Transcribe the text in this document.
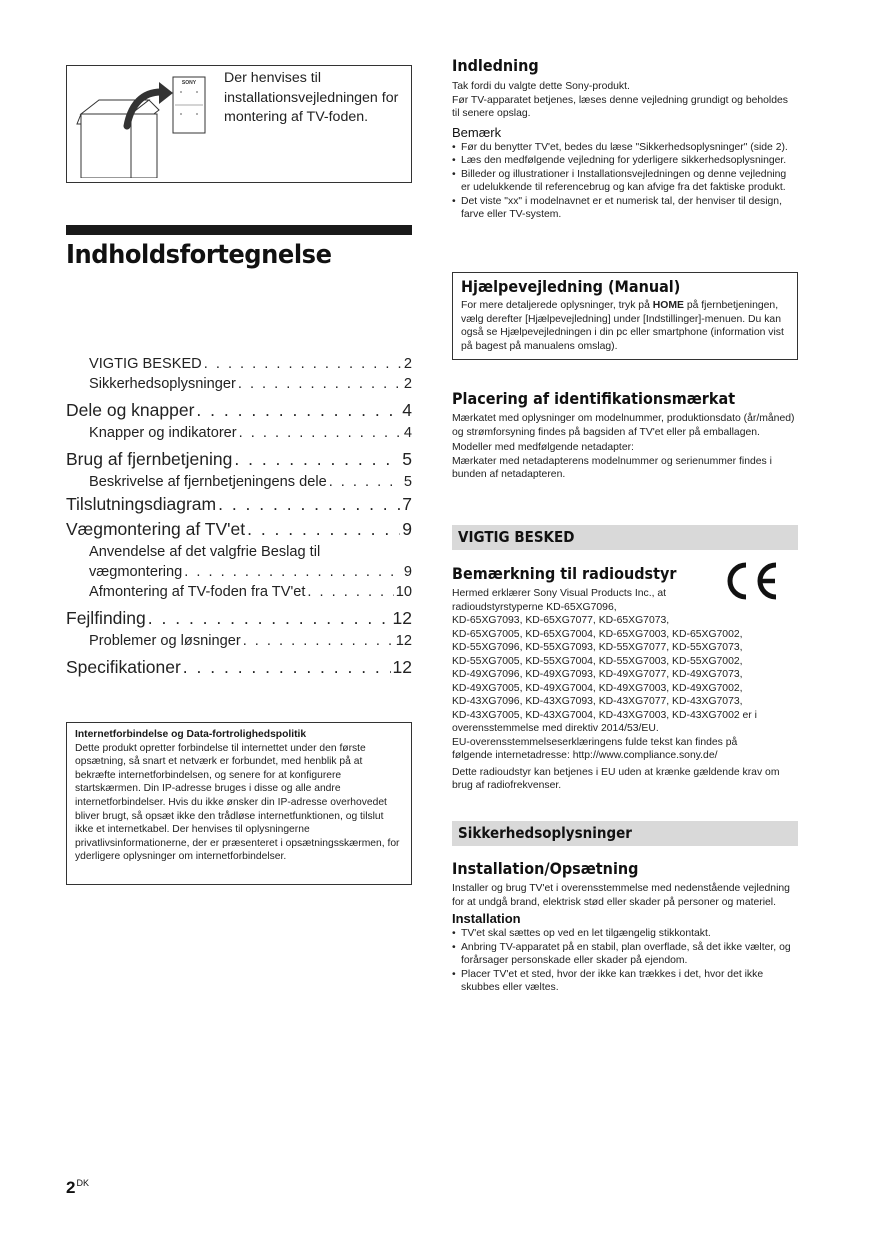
SONY Der henvises til installationsvejledningen for montering af TV-foden.
Indholdsfortegnelse
VIGTIG BESKED . . .	2
Sikkerhedsoplysninger . . .	2
Dele og knapper . . .	4
Knapper og indikatorer . . .	4
Brug af fjernbetjening . . .	5
Beskrivelse af fjernbetjeningens dele . . .	5
Tilslutningsdiagram . . .	7
Vægmontering af TV'et . . .	9
Anvendelse af det valgfrie Beslag til
vægmontering . . .	9
Afmontering af TV-foden fra TV'et . . .	10
Fejlfinding . . .	12
Problemer og løsninger . . .	12
Specifikationer . . .	12
Internetforbindelse og Data-fortrolighedspolitik
Dette produkt opretter forbindelse til internettet under den første opsætning, så snart et netværk er forbundet, med henblik på at bekræfte internetforbindelsen, og senere for at konfigurere startskærmen. Din IP-adresse bruges i disse og alle andre internetforbindelser. Hvis du ikke ønsker din IP-adresse overhovedet bliver brugt, så opsæt ikke den trådløse internetfunktionen, og tilslut ikke et internetkabel. Der henvises til oplysningerne privatlivsinformationerne, der er præsenteret i opsætningsskærmen, for yderligere oplysninger om internetforbindelser.
$2^{DK}$
Indledning
Tak fordi du valgte dette Sony-produkt.
Før TV-apparatet betjenes, læses denne vejledning grundigt og beholdes til senere opslag.
Bemærk
• Før du benytter TV'et, bedes du læse "Sikkerhedsoplysninger" (side 2).
• Læs den medfølgende vejledning for yderligere sikkerhedsoplysninger.
• Billeder og illustrationer i Installationsvejledningen og denne vejledning er udelukkende til referencebrug og kan afvige fra det faktiske produkt.
• Det viste "xx" i modelnavnet er et numerisk tal, der henviser til design, farve eller TV-system.
Hjælpevejledning (Manual)
For mere detaljerede oplysninger, tryk på HOME på fjernbetjeningen, vælg derefter [Hjælpevejledning] under [Indstillinger]-menuen. Du kan også se Hjælpevejledningen i din pc eller smartphone (information vist på bagest på manualens omslag).
Placering af identifikationsmærkat
Mærkatet med oplysninger om modelnummer, produktionsdato (år/måned) og strømforsyning findes på bagsiden af TV'et eller på emballagen.
Modeller med medfølgende netadapter:
Mærkater med netadapterens modelnummer og serienummer findes i bunden af netadapteren.
VIGTIG BESKED
Bemærkning til radioudstyr
Hermed erklærer Sony Visual Products Inc., at
radioudstyrstyperne KD-65XG7096,
KD-65XG7093, KD-65XG7077, KD-65XG7073,
KD-65XG7005, KD-65XG7004, KD-65XG7003, KD-65XG7002,
KD-55XG7096, KD-55XG7093, KD-55XG7077, KD-55XG7073,
KD-55XG7005, KD-55XG7004, KD-55XG7003, KD-55XG7002,
KD-49XG7096, KD-49XG7093, KD-49XG7077, KD-49XG7073,
KD-49XG7005, KD-49XG7004, KD-49XG7003, KD-49XG7002,
KD-43XG7096, KD-43XG7093, KD-43XG7077, KD-43XG7073,
KD-43XG7005, KD-43XG7004, KD-43XG7003, KD-43XG7002 er i
overensstemmelse med direktiv 2014/53/EU.
EU-overensstemmelseserklæringens fulde tekst kan findes på
følgende internetadresse: http://www.compliance.sony.de/
Dette radioudstyr kan betjenes i EU uden at krænke gældende krav om brug af radiofrekvenser.
Sikkerhedsoplysninger
Installation/Opsætning
Installer og brug TV'et i overensstemmelse med nedenstående vejledning for at undgå brand, elektrisk stød eller skader på personer og materiel.
Installation
• TV'et skal sættes op ved en let tilgængelig stikkontakt.
• Anbring TV-apparatet på en stabil, plan overflade, så det ikke vælter, og forårsager personskade eller skader på ejendom.
• Placer TV'et et sted, hvor der ikke kan trækkes i det, hvor det ikke skubbes eller væltes.
